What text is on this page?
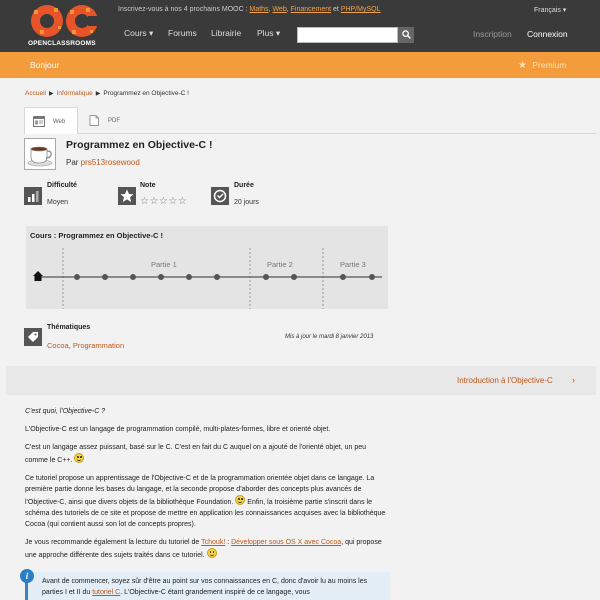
OPENCLASSROOMS
Inscrivez-vous à nos 4 prochains MOOC : Maths, Web, Financement et PHP/MySQL	Français ▾
Cours ▾ Forums Librairie Plus ▾	Inscription Connexion
Bonjour	★ Premium
Accueil ▶ Informatique ▶ Programmez en Objective-C !
Web	PDF
Programmez en Objective-C !
Par prs513rosewood
Difficulté
Moyen
Note
☆☆☆☆☆
Durée
20 jours
Cours : Programmez en Objective-C !
Partie 1	Partie 2	Partie 3
Thématiques
Cocoa, Programmation
Mis à jour le mardi 8 janvier 2013
Introduction à l'Objective-C ›
C'est quoi, l'Objective-C ?
L'Objective-C est un langage de programmation compilé, multi-plates-formes, libre et orienté objet.
C'est un langage assez puissant, basé sur le C. C'est en fait du C auquel on a ajouté de l'orienté objet, un peu comme le C++.
Ce tutoriel propose un apprentissage de l'Objective-C et de la programmation orientée objet dans ce langage. La première partie donne les bases du langage, et la seconde propose d'aborder des concepts plus avancés de l'Objective-C, ainsi que divers objets de la bibliothèque Foundation. Enfin, la troisième partie s'inscrit dans le schéma des tutoriels de ce site et propose de mettre en application les connaissances acquises avec la bibliothèque Cocoa (qui contient aussi son lot de concepts propres).
Je vous recommande également la lecture du tutoriel de Tchouk! : Développer sous OS X avec Cocoa, qui propose une approche différente des sujets traités dans ce tutoriel.
i
Avant de commencer, soyez sûr d'être au point sur vos connaissances en C, donc d'avoir lu au moins les parties I et II du tutoriel C. L'Objective-C étant grandement inspiré de ce langage, vous
